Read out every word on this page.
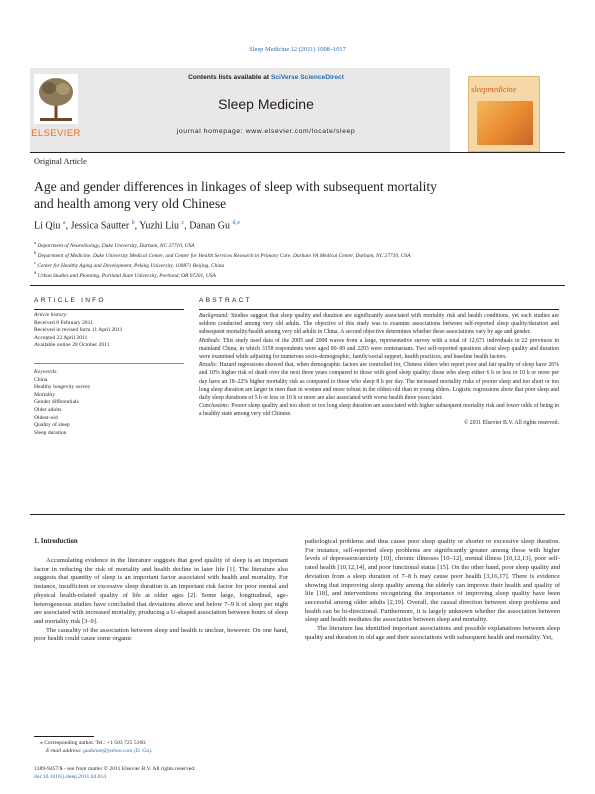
Sleep Medicine 12 (2011) 1008–1017
ELSEVIER
Contents lists available at SciVerse ScienceDirect
Sleep Medicine
journal homepage: www.elsevier.com/locate/sleep
sleepmedicine
Original Article
Age and gender differences in linkages of sleep with subsequent mortality
and health among very old Chinese
Li Qiu $^a$, Jessica Sautter $^b$, Yuzhi Liu $^c$, Danan Gu $^{d,⁎}$
$^a$ Department of Neurobiology, Duke University, Durham, NC 27710, USA
$^b$ Department of Medicine, Duke University Medical Center, and Center for Health Services Research in Primary Care, Durham VA Medical Center, Durham, NC 27710, USA
$^c$ Center for Healthy Aging and Development, Peking University, 100871 Beijing, China
$^d$ Urban Studies and Planning, Portland State University, Portland, OR 97201, USA
ARTICLE INFO
Article history:
Received 8 February 2011
Received in revised form 11 April 2011
Accepted 22 April 2011
Available online 28 October 2011
Keywords:
China
Healthy longevity survey
Mortality
Gender differentials
Older adults
Oldest-old
Quality of sleep
Sleep duration
ABSTRACT

Background: Studies suggest that sleep quality and duration are significantly associated with mortality risk and health conditions, yet such studies are seldom conducted among very old adults. The objective of this study was to examine associations between self-reported sleep quality/duration and subsequent mortality/health among very old adults in China. A second objective determines whether these associations vary by age and gender.

Methods: This study used data of the 2005 and 2008 waves from a large, representative survey with a total of 12,671 individuals in 22 provinces in mainland China, in which 3158 respondents were aged 90–99 and 2293 were centenarians. Two self-reported questions about sleep quality and duration were examined while adjusting for numerous socio-demographic, family/social support, health practices, and baseline health factors.

Results: Hazard regressions showed that, when demographic factors are controlled for, Chinese elders who report poor and fair quality of sleep have 26% and 10% higher risk of death over the next three years compared to those with good sleep quality; those who sleep either 6 h or less or 10 h or more per day have an 18–22% higher mortality risk as compared to those who sleep 8 h per day. The increased mortality risks of poorer sleep and too short or too long sleep duration are larger in men than in women and more robust in the oldest-old than in young elders. Logistic regressions show that poor sleep and daily sleep durations of 5 h or less or 10 h or more are also associated with worse health three years later.

Conclusions: Poorer sleep quality and too short or too long sleep duration are associated with higher subsequent mortality risk and lower odds of being in a healthy state among very old Chinese.

© 2011 Elsevier B.V. All rights reserved.

1. Introduction

Accumulating evidence in the literature suggests that good quality of sleep is an important factor in reducing the risk of mortality and health decline in later life [1]. The literature also suggests that quantity of sleep is an important factor associated with health and mortality. For instance, insufficient or excessive sleep duration is an important risk factor for poor mental and physical health-related quality of life at older ages [2]. Some large, longitudinal, age-heterogeneous studies have concluded that deviations above and below 7–9 h of sleep per night are associated with increased mortality, producing a U-shaped association between hours of sleep and mortality risk [3–9].

The causality of the association between sleep and health is unclear, however. On one hand, poor health could cause some organic

pathological problems and thus cause poor sleep quality or shorter or excessive sleep duration. For instance, self-reported sleep problems are significantly greater among those with higher levels of depression/anxiety [10], chronic illnesses [10–12], mental illness [10,12,13], poor self-rated health [10,12,14], and poor functional status [15]. On the other hand, poor sleep quality and deviation from a sleep duration of 7–8 h may cause poor health [3,16,17]. There is evidence showing that improving sleep quality among the elderly can improve their health and quality of life [18], and interventions recognizing the importance of improving sleep quality have been successful among older adults [2,19]. Overall, the causal direction between sleep problems and health can be bi-directional. Furthermore, it is largely unknown whether the association between sleep and health mediates the association between sleep and mortality.

The literature has identified important associations and possible explanations between sleep quality and duration in old age and their associations with subsequent health and mortality. Yet,

⁎ Corresponding author. Tel.: +1 503 725 5160.
E-mail address: gudanan@yahoo.com (D. Gu).
1389-9457/$ - see front matter © 2011 Elsevier B.V. All rights reserved.
doi:10.1016/j.sleep.2011.04.014
